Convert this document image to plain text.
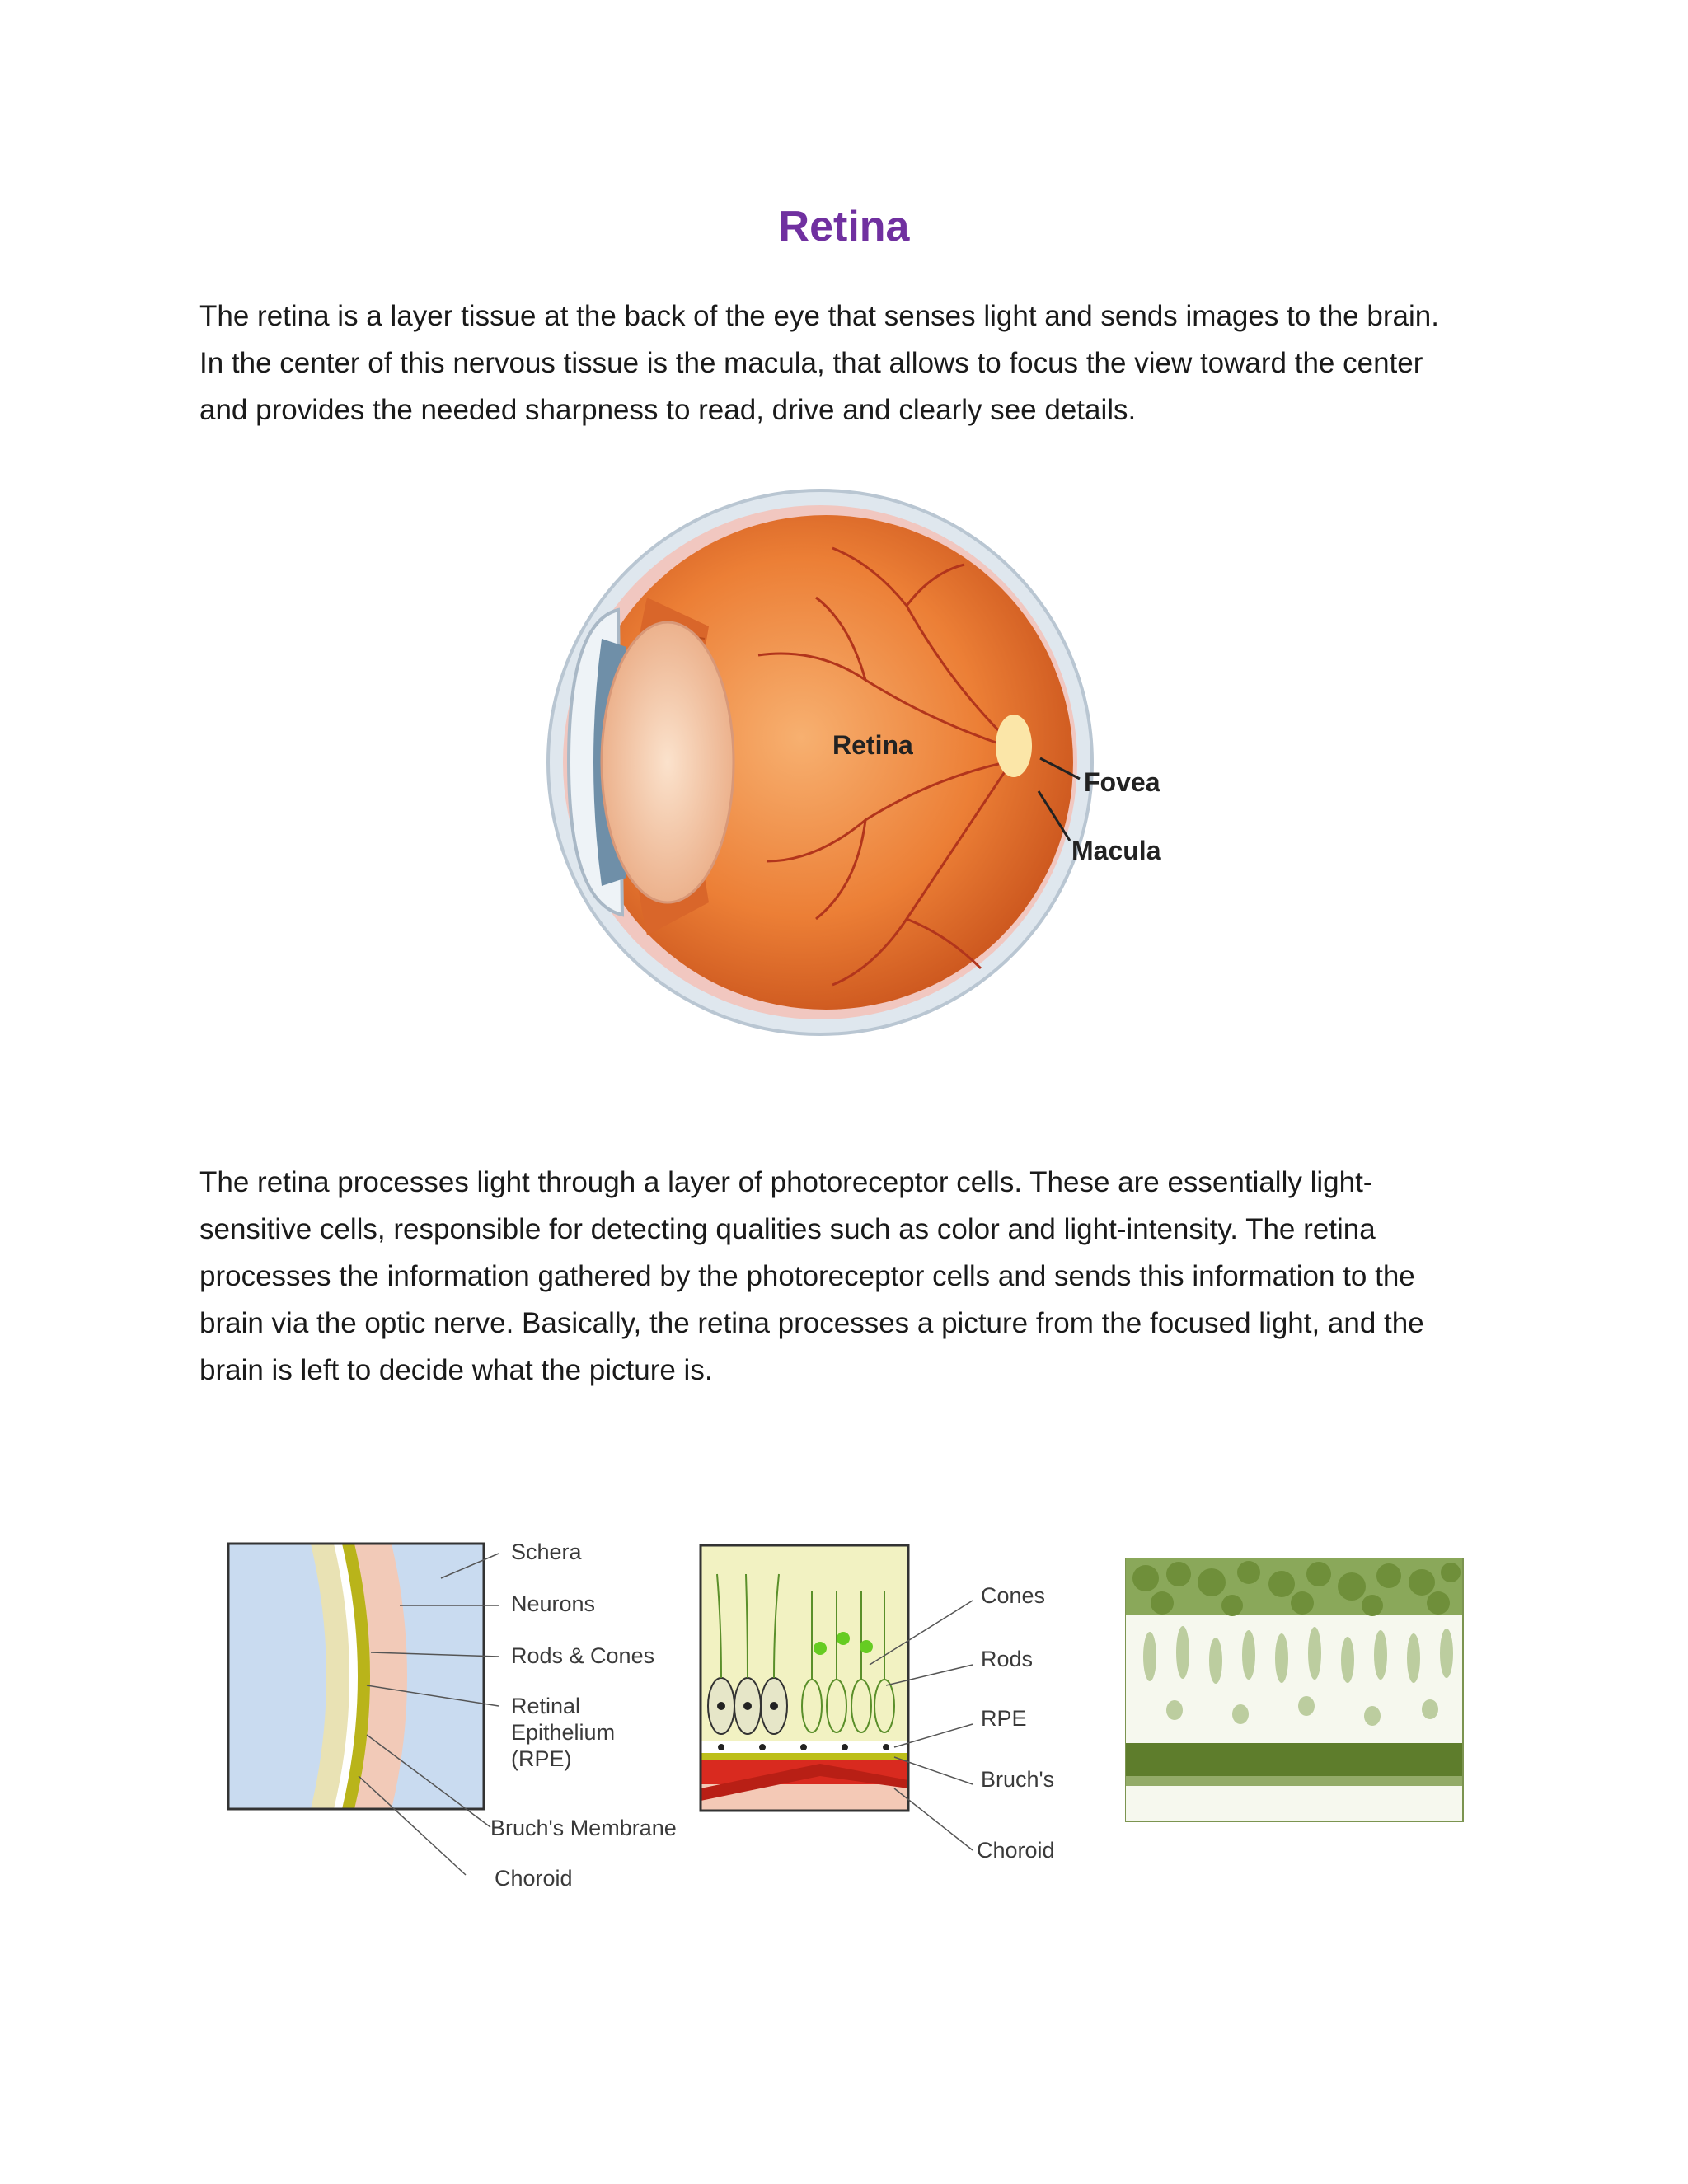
Retina

The retina is a layer tissue at the back of the eye that senses light and sends images to the brain. In the center of this nervous tissue is the macula, that allows to focus the view toward the center and provides the needed sharpness to read, drive and clearly see details.

Retina
Fovea
Macula

The retina processes light through a layer of photoreceptor cells. These are essentially light-sensitive cells, responsible for detecting qualities such as color and light-intensity. The retina processes the information gathered by the photoreceptor cells and sends this information to the brain via the optic nerve. Basically, the retina processes a picture from the focused light, and the brain is left to decide what the picture is.

Schera
Neurons
Rods & Cones
Retinal
Epithelium
(RPE)
Bruch's Membrane
Choroid
Cones
Rods
RPE
Bruch's
Choroid
